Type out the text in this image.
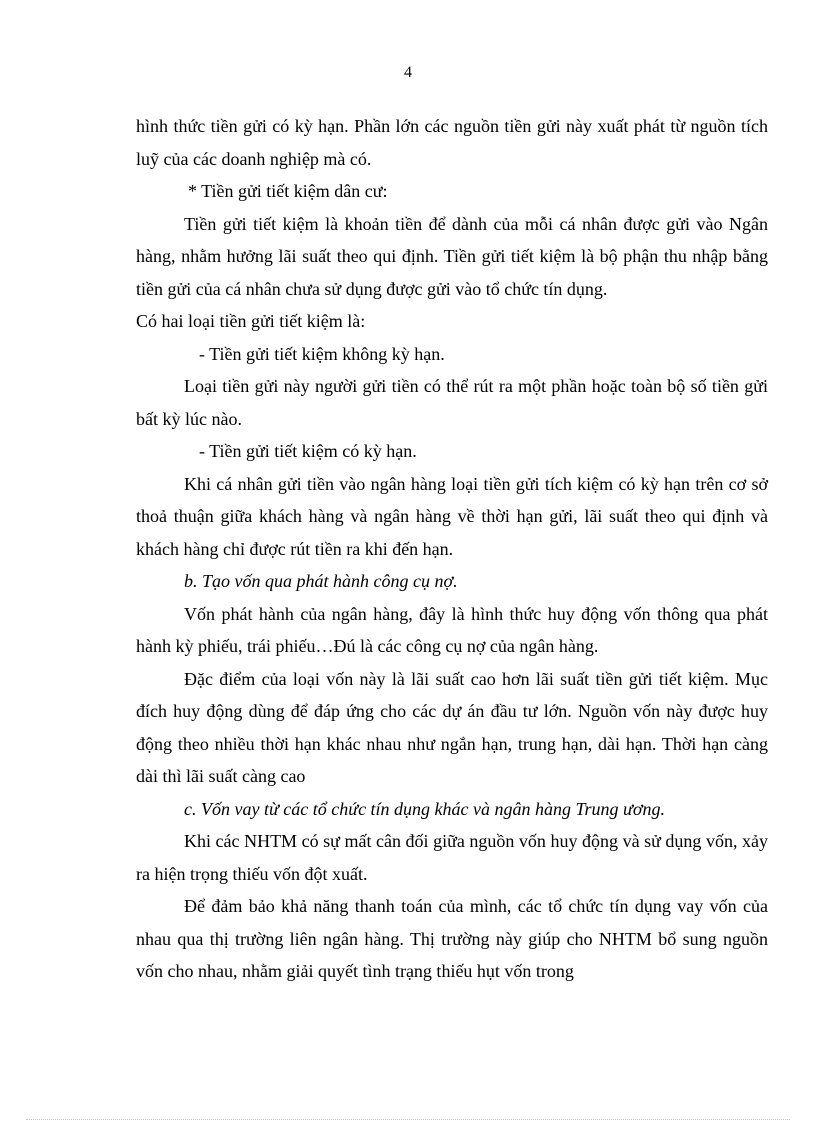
4

hình thức tiền gửi có kỳ hạn. Phần lớn các nguồn tiền gửi này xuất phát từ nguồn tích luỹ của các doanh nghiệp mà có.

* Tiền gửi tiết kiệm dân cư:

Tiền gửi tiết kiệm là khoản tiền để dành của mỗi cá nhân được gửi vào Ngân hàng, nhằm hưởng lãi suất theo qui định. Tiền gửi tiết kiệm là bộ phận thu nhập bằng tiền gửi của cá nhân chưa sử dụng được gửi vào tổ chức tín dụng.

Có hai loại tiền gửi tiết kiệm là:

- Tiền gửi tiết kiệm không kỳ hạn.

Loại tiền gửi này người gửi tiền có thể rút ra một phần hoặc toàn bộ số tiền gửi bất kỳ lúc nào.

- Tiền gửi tiết kiệm có kỳ hạn.

Khi cá nhân gửi tiền vào ngân hàng loại tiền gửi tích kiệm có kỳ hạn trên cơ sở thoả thuận giữa khách hàng và ngân hàng về thời hạn gửi, lãi suất theo qui định và khách hàng chỉ được rút tiền ra khi đến hạn.

b. Tạo vốn qua phát hành công cụ nợ.

Vốn phát hành của ngân hàng, đây là hình thức huy động vốn thông qua phát hành kỳ phiếu, trái phiếu…Đú là các công cụ nợ của ngân hàng.

Đặc điểm của loại vốn này là lãi suất cao hơn lãi suất tiền gửi tiết kiệm. Mục đích huy động dùng để đáp ứng cho các dự án đầu tư lớn. Nguồn vốn này được huy động theo nhiều thời hạn khác nhau như ngắn hạn, trung hạn, dài hạn. Thời hạn càng dài thì lãi suất càng cao

c. Vốn vay từ các tổ chức tín dụng khác và ngân hàng Trung ương.

Khi các NHTM có sự mất cân đối giữa nguồn vốn huy động và sử dụng vốn, xảy ra hiện trọng thiếu vốn đột xuất.

Để đảm bảo khả năng thanh toán của mình, các tổ chức tín dụng vay vốn của nhau qua thị trường liên ngân hàng. Thị trường này giúp cho NHTM bổ sung nguồn vốn cho nhau, nhằm giải quyết tình trạng thiếu hụt vốn trong
